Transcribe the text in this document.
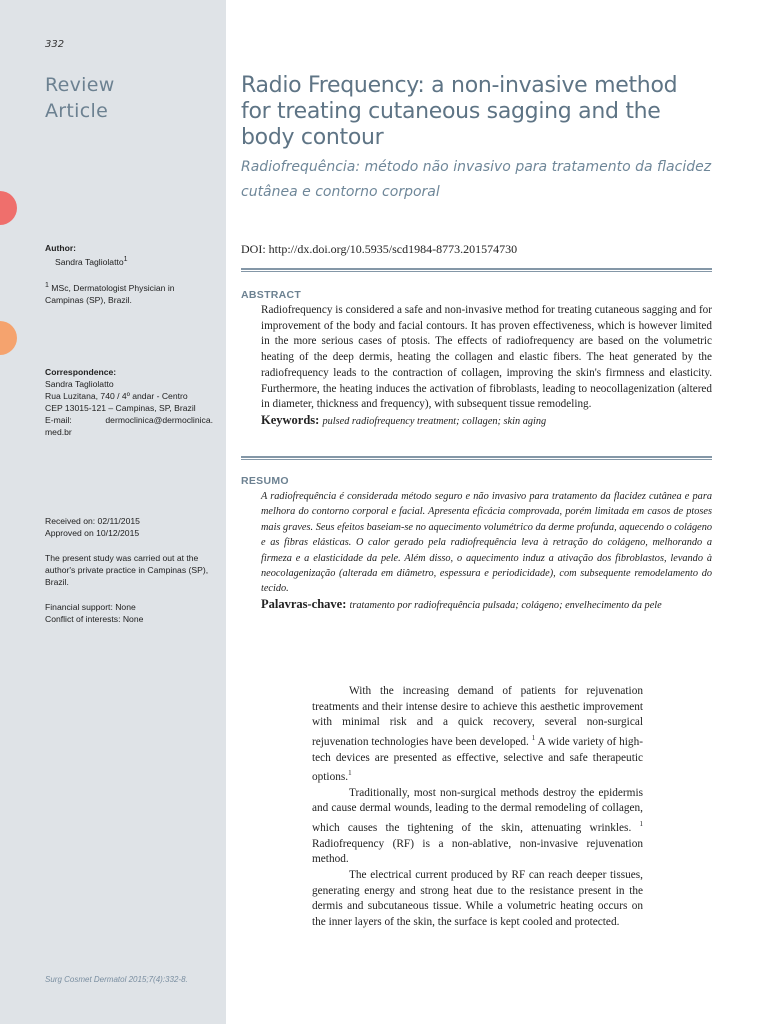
332
Review
Article
Author:
Sandra Tagliolatto$^1$
$^1$ MSc, Dermatologist Physician in Campinas (SP), Brazil.
Correspondence:
Sandra Tagliolatto
Rua Luzitana, 740 / 4º andar - Centro
CEP 13015-121 – Campinas, SP, Brazil
E-mail: dermoclinica@dermoclinica.
med.br
Received on: 02/11/2015
Approved on 10/12/2015
The present study was carried out at the author's private practice in Campinas (SP), Brazil.
Financial support: None
Conflict of interests: None
Surg Cosmet Dermatol 2015;7(4):332-8.
Radio Frequency: a non-invasive method
for treating cutaneous sagging and the
body contour
Radiofrequência: método não invasivo para tratamento da flacidez
cutânea e contorno corporal
DOI: http://dx.doi.org/10.5935/scd1984-8773.201574730
ABSTRACT
Radiofrequency is considered a safe and non-invasive method for treating cutaneous sagging and for improvement of the body and facial contours. It has proven effectiveness, which is however limited in the more serious cases of ptosis. The effects of radiofrequency are based on the volumetric heating of the deep dermis, heating the collagen and elastic fibers. The heat generated by the radiofrequency leads to the contraction of collagen, improving the skin's firmness and elasticity. Furthermore, the heating induces the activation of fibroblasts, leading to neocollagenization (altered in diameter, thickness and frequency), with subsequent tissue remodeling.
Keywords: pulsed radiofrequency treatment; collagen; skin aging
RESUMO
A radiofrequência é considerada método seguro e não invasivo para tratamento da flacidez cutânea e para melhora do contorno corporal e facial. Apresenta eficácia comprovada, porém limitada em casos de ptoses mais graves. Seus efeitos baseiam-se no aquecimento volumétrico da derme profunda, aquecendo o colágeno e as fibras elásticas. O calor gerado pela radiofrequência leva à retração do colágeno, melhorando a firmeza e a elasticidade da pele. Além disso, o aquecimento induz a ativação dos fibroblastos, levando à neocolagenização (alterada em diâmetro, espessura e periodicidade), com subsequente remodelamento do tecido.
Palavras-chave: tratamento por radiofrequência pulsada; colágeno; envelhecimento da pele

With the increasing demand of patients for rejuvenation treatments and their intense desire to achieve this aesthetic improvement with minimal risk and a quick recovery, several non-surgical rejuvenation technologies have been developed. $^1$ A wide variety of high-tech devices are presented as effective, selective and safe therapeutic options.$^1$

Traditionally, most non-surgical methods destroy the epidermis and cause dermal wounds, leading to the dermal remodeling of collagen, which causes the tightening of the skin, attenuating wrinkles. $^1$ Radiofrequency (RF) is a non-ablative, non-invasive rejuvenation method.

The electrical current produced by RF can reach deeper tissues, generating energy and strong heat due to the resistance present in the dermis and subcutaneous tissue. While a volumetric heating occurs on the inner layers of the skin, the surface is kept cooled and protected.
